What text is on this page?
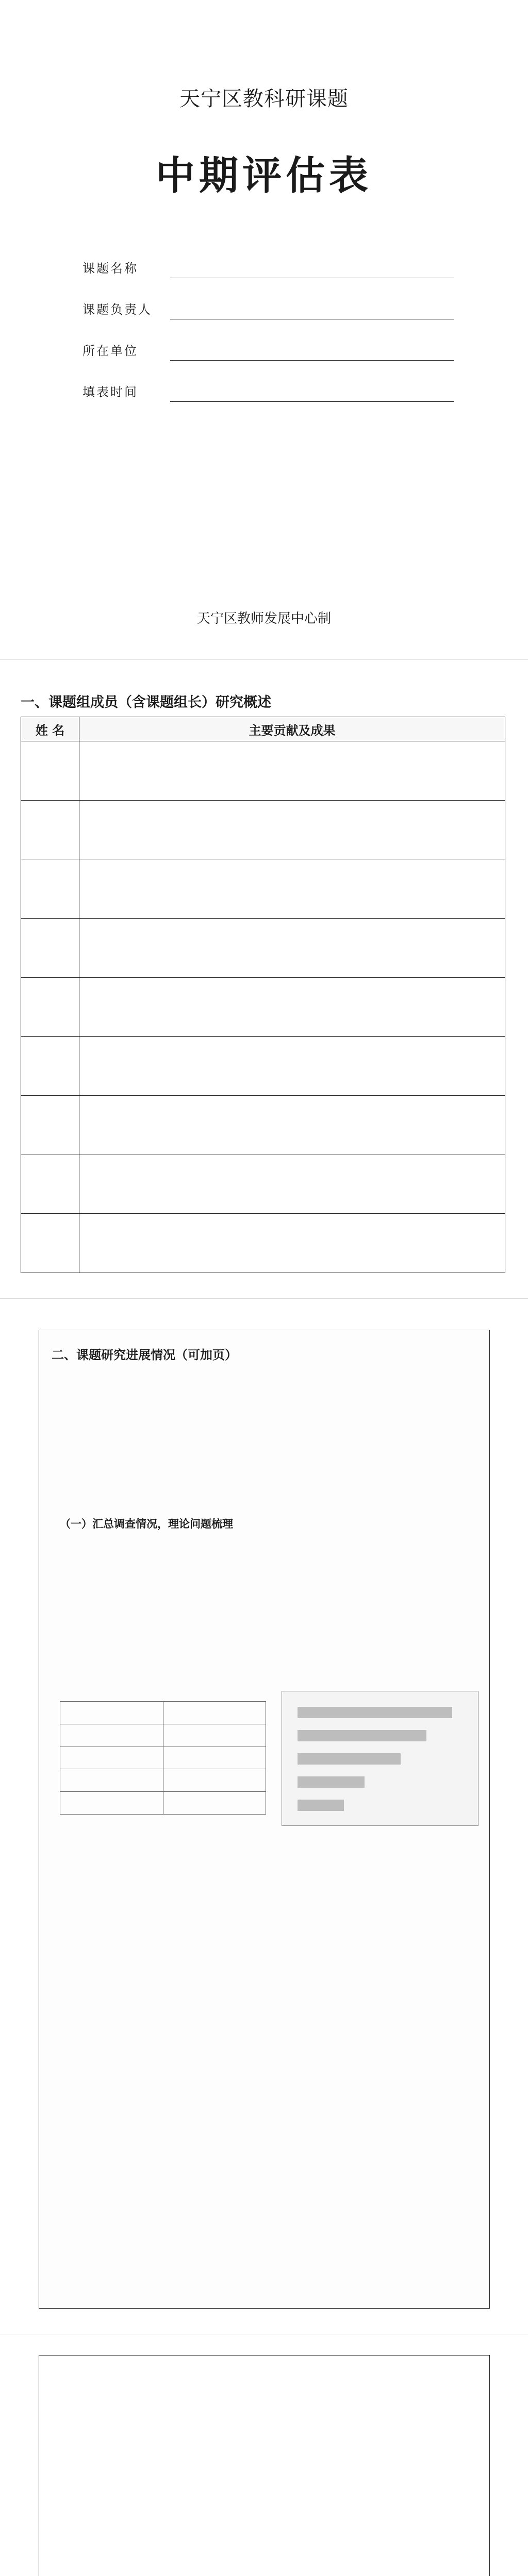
天宁区教科研课题
中期评估表
课题名称
课题负责人
所在单位
填表时间
天宁区教师发展中心制
一、课题组成员（含课题组长）研究概述
姓 名	主要贡献及成果

二、课题研究进展情况（可加页）
（一）汇总调查情况，理论问题梳理
